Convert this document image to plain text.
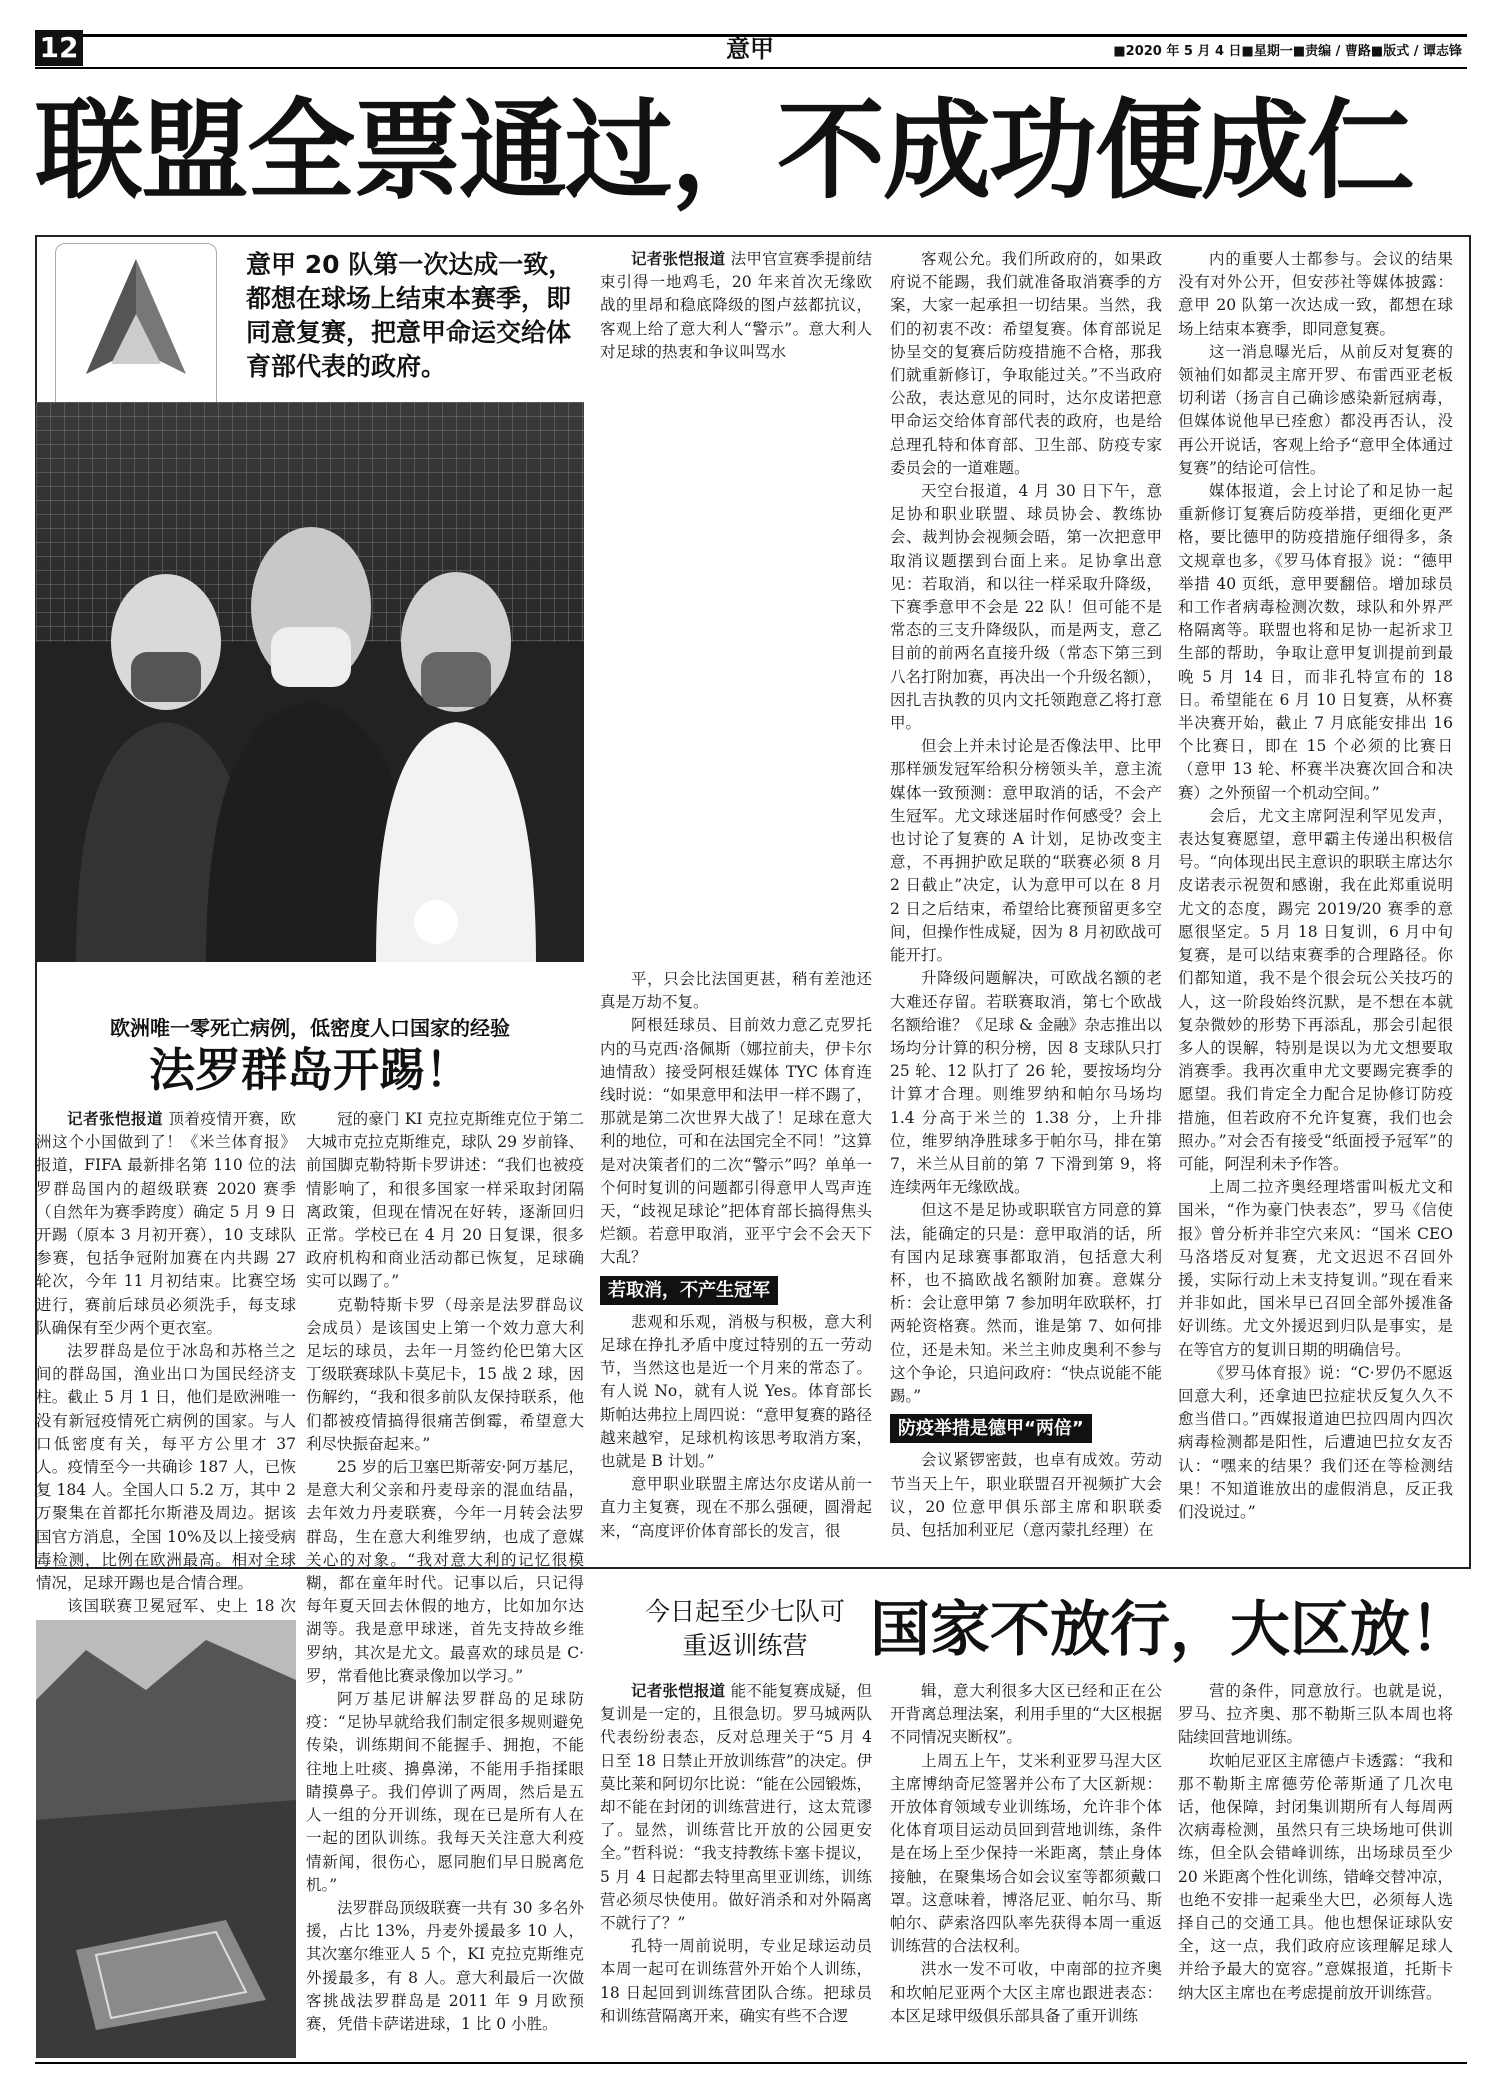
12	意甲	■2020 年 5 月 4 日■星期一■责编 / 曹路■版式 / 谭志锋
联盟全票通过，不成功便成仁
意甲 20 队第一次达成一致，都想在球场上结束本赛季，即同意复赛，把意甲命运交给体育部代表的政府。

记者张恺报道 法甲官宣赛季提前结束引得一地鸡毛，20 年来首次无缘欧战的里昂和稳底降级的图卢兹都抗议，客观上给了意大利人“警示”。意大利人对足球的热衷和争议叫骂水

平，只会比法国更甚，稍有差池还真是万劫不复。

阿根廷球员、目前效力意乙克罗托内的马克西·洛佩斯（娜拉前夫，伊卡尔迪情敌）接受阿根廷媒体 TYC 体育连线时说：“如果意甲和法甲一样不踢了，那就是第二次世界大战了！足球在意大利的地位，可和在法国完全不同！”这算是对决策者们的二次“警示”吗？单单一个何时复训的问题都引得意甲人骂声连天，“歧视足球论”把体育部长搞得焦头烂额。若意甲取消，亚平宁会不会天下大乱？

若取消，不产生冠军

悲观和乐观，消极与积极，意大利足球在挣扎矛盾中度过特别的五一劳动节，当然这也是近一个月来的常态了。有人说 No，就有人说 Yes。体育部长斯帕达弗拉上周四说：“意甲复赛的路径越来越窄，足球机构该思考取消方案，也就是 B 计划。”

意甲职业联盟主席达尔皮诺从前一直力主复赛，现在不那么强硬，圆滑起来，“高度评价体育部长的发言，很

客观公允。我们所政府的，如果政府说不能踢，我们就准备取消赛季的方案，大家一起承担一切结果。当然，我们的初衷不改：希望复赛。体育部说足协呈交的复赛后防疫措施不合格，那我们就重新修订，争取能过关。”不当政府公敌，表达意见的同时，达尔皮诺把意甲命运交给体育部代表的政府，也是给总理孔特和体育部、卫生部、防疫专家委员会的一道难题。

天空台报道，4 月 30 日下午，意足协和职业联盟、球员协会、教练协会、裁判协会视频会晤，第一次把意甲取消议题摆到台面上来。足协拿出意见：若取消，和以往一样采取升降级，下赛季意甲不会是 22 队！但可能不是常态的三支升降级队，而是两支，意乙目前的前两名直接升级（常态下第三到八名打附加赛，再决出一个升级名额），因扎吉执教的贝内文托领跑意乙将打意甲。

但会上并未讨论是否像法甲、比甲那样颁发冠军给积分榜领头羊，意主流媒体一致预测：意甲取消的话，不会产生冠军。尤文球迷届时作何感受？会上也讨论了复赛的 A 计划，足协改变主意，不再拥护欧足联的“联赛必须 8 月 2 日截止”决定，认为意甲可以在 8 月 2 日之后结束，希望给比赛预留更多空间，但操作性成疑，因为 8 月初欧战可能开打。

升降级问题解决，可欧战名额的老大难还存留。若联赛取消，第七个欧战名额给谁？《足球 & 金融》杂志推出以场均分计算的积分榜，因 8 支球队只打 25 轮、12 队打了 26 轮，要按场均分计算才合理。则维罗纳和帕尔马场均 1.4 分高于米兰的 1.38 分，上升排位，维罗纳净胜球多于帕尔马，排在第 7，米兰从目前的第 7 下滑到第 9，将连续两年无缘欧战。

但这不是足协或职联官方同意的算法，能确定的只是：意甲取消的话，所有国内足球赛事都取消，包括意大利杯，也不搞欧战名额附加赛。意媒分析：会让意甲第 7 参加明年欧联杯，打两轮资格赛。然而，谁是第 7、如何排位，还是未知。米兰主帅皮奥利不参与这个争论，只追问政府：“快点说能不能踢。”

防疫举措是德甲“两倍”

会议紧锣密鼓，也卓有成效。劳动节当天上午，职业联盟召开视频扩大会议，20 位意甲俱乐部主席和职联委员、包括加利亚尼（意丙蒙扎经理）在

内的重要人士都参与。会议的结果没有对外公开，但安莎社等媒体披露：意甲 20 队第一次达成一致，都想在球场上结束本赛季，即同意复赛。

这一消息曝光后，从前反对复赛的领袖们如都灵主席开罗、布雷西亚老板切利诺（扬言自己确诊感染新冠病毒，但媒体说他早已痊愈）都没再否认，没再公开说话，客观上给予“意甲全体通过复赛”的结论可信性。

媒体报道，会上讨论了和足协一起重新修订复赛后防疫举措，更细化更严格，要比德甲的防疫措施仔细得多，条文规章也多，《罗马体育报》说：“德甲举措 40 页纸，意甲要翻倍。增加球员和工作者病毒检测次数，球队和外界严格隔离等。联盟也将和足协一起祈求卫生部的帮助，争取让意甲复训提前到最晚 5 月 14 日，而非孔特宣布的 18 日。希望能在 6 月 10 日复赛，从杯赛半决赛开始，截止 7 月底能安排出 16 个比赛日，即在 15 个必须的比赛日（意甲 13 轮、杯赛半决赛次回合和决赛）之外预留一个机动空间。”

会后，尤文主席阿涅利罕见发声，表达复赛愿望，意甲霸主传递出积极信号。“向体现出民主意识的职联主席达尔皮诺表示祝贺和感谢，我在此郑重说明尤文的态度，踢完 2019/20 赛季的意愿很坚定。5 月 18 日复训，6 月中旬复赛，是可以结束赛季的合理路径。你们都知道，我不是个很会玩公关技巧的人，这一阶段始终沉默，是不想在本就复杂微妙的形势下再添乱，那会引起很多人的误解，特别是误以为尤文想要取消赛季。我再次重申尤文要踢完赛季的愿望。我们肯定全力配合足协修订防疫措施，但若政府不允许复赛，我们也会照办。”对会否有接受“纸面授予冠军”的可能，阿涅利未予作答。

上周二拉齐奥经理塔雷叫板尤文和国米，“作为豪门快表态”，罗马《信使报》曾分析并非空穴来风：“国米 CEO 马洛塔反对复赛，尤文迟迟不召回外援，实际行动上未支持复训。”现在看来并非如此，国米早已召回全部外援准备好训练。尤文外援迟到归队是事实，是在等官方的复训日期的明确信号。

《罗马体育报》说：“C·罗仍不愿返回意大利，还拿迪巴拉症状反复久久不愈当借口。”西媒报道迪巴拉四周内四次病毒检测都是阳性，后遭迪巴拉女友否认：“嘿来的结果？我们还在等检测结果！不知道谁放出的虚假消息，反正我们没说过。”

欧洲唯一零死亡病例，低密度人口国家的经验
法罗群岛开踢！

记者张恺报道 顶着疫情开赛，欧洲这个小国做到了！《米兰体育报》报道，FIFA 最新排名第 110 位的法罗群岛国内的超级联赛 2020 赛季（自然年为赛季跨度）确定 5 月 9 日开踢（原本 3 月初开赛），10 支球队参赛，包括争冠附加赛在内共踢 27 轮次，今年 11 月初结束。比赛空场进行，赛前后球员必须洗手，每支球队确保有至少两个更衣室。

法罗群岛是位于冰岛和苏格兰之间的群岛国，渔业出口为国民经济支柱。截止 5 月 1 日，他们是欧洲唯一没有新冠疫情死亡病例的国家。与人口低密度有关，每平方公里才 37 人。疫情至今一共确诊 187 人，已恢复 184 人。全国人口 5.2 万，其中 2 万聚集在首都托尔斯港及周边。据该国官方消息，全国 10%及以上接受病毒检测，比例在欧洲最高。相对全球情况，足球开踢也是合情合理。

该国联赛卫冕冠军、史上 18 次

冠的豪门 KI 克拉克斯维克位于第二大城市克拉克斯维克，球队 29 岁前锋、前国脚克勒特斯卡罗讲述：“我们也被疫情影响了，和很多国家一样采取封闭隔离政策，但现在情况在好转，逐渐回归正常。学校已在 4 月 20 日复课，很多政府机构和商业活动都已恢复，足球确实可以踢了。”

克勒特斯卡罗（母亲是法罗群岛议会成员）是该国史上第一个效力意大利足坛的球员，去年一月签约伦巴第大区丁级联赛球队卡莫尼卡，15 战 2 球，因伤解约，“我和很多前队友保持联系，他们都被疫情搞得很痛苦倒霉，希望意大利尽快振奋起来。”

25 岁的后卫塞巴斯蒂安·阿万基尼，是意大利父亲和丹麦母亲的混血结晶，去年效力丹麦联赛，今年一月转会法罗群岛，生在意大利维罗纳，也成了意媒关心的对象。“我对意大利的记忆很模糊，都在童年时代。记事以后，只记得每年夏天回去休假的地方，比如加尔达湖等。我是意甲球迷，首先支持故乡维罗纳，其次是尤文。最喜欢的球员是 C·罗，常看他比赛录像加以学习。”

阿万基尼讲解法罗群岛的足球防疫：“足协早就给我们制定很多规则避免传染，训练期间不能握手、拥抱，不能往地上吐痰、擤鼻涕，不能用手指揉眼睛摸鼻子。我们停训了两周，然后是五人一组的分开训练，现在已是所有人在一起的团队训练。我每天关注意大利疫情新闻，很伤心，愿同胞们早日脱离危机。”

法罗群岛顶级联赛一共有 30 多名外援，占比 13%，丹麦外援最多 10 人，其次塞尔维亚人 5 个，KI 克拉克斯维克外援最多，有 8 人。意大利最后一次做客挑战法罗群岛是 2011 年 9 月欧预赛，凭借卡萨诺进球，1 比 0 小胜。

今日起至少七队可重返训练营	国家不放行，大区放！

记者张恺报道 能不能复赛成疑，但复训是一定的，且很急切。罗马城两队代表纷纷表态，反对总理关于“5 月 4 日至 18 日禁止开放训练营”的决定。伊莫比莱和阿切尔比说：“能在公园锻炼，却不能在封闭的训练营进行，这太荒谬了。显然，训练营比开放的公园更安全。”哲科说：“我支持教练卡塞卡提议，5 月 4 日起都去特里高里亚训练，训练营必须尽快使用。做好消杀和对外隔离不就行了？”

孔特一周前说明，专业足球运动员本周一起可在训练营外开始个人训练，18 日起回到训练营团队合练。把球员和训练营隔离开来，确实有些不合逻

辑，意大利很多大区已经和正在公开背离总理法案，利用手里的“大区根据不同情况夹断权”。

上周五上午，艾米利亚罗马涅大区主席博纳奇尼签署并公布了大区新规：开放体育领域专业训练场，允许非个体化体育项目运动员回到营地训练，条件是在场上至少保持一米距离，禁止身体接触，在聚集场合如会议室等都须戴口罩。这意味着，博洛尼亚、帕尔马、斯帕尔、萨索洛四队率先获得本周一重返训练营的合法权利。

洪水一发不可收，中南部的拉齐奥和坎帕尼亚两个大区主席也跟进表态：本区足球甲级俱乐部具备了重开训练

营的条件，同意放行。也就是说，罗马、拉齐奥、那不勒斯三队本周也将陆续回营地训练。

坎帕尼亚区主席德卢卡透露：“我和那不勒斯主席德劳伦蒂斯通了几次电话，他保障，封闭集训期所有人每周两次病毒检测，虽然只有三块场地可供训练，但全队会错峰训练，出场球员至少 20 米距离个性化训练，错峰交替冲凉，也绝不安排一起乘坐大巴，必须每人选择自己的交通工具。他也想保证球队安全，这一点，我们政府应该理解足球人并给予最大的宽容。”意媒报道，托斯卡纳大区主席也在考虑提前放开训练营。
